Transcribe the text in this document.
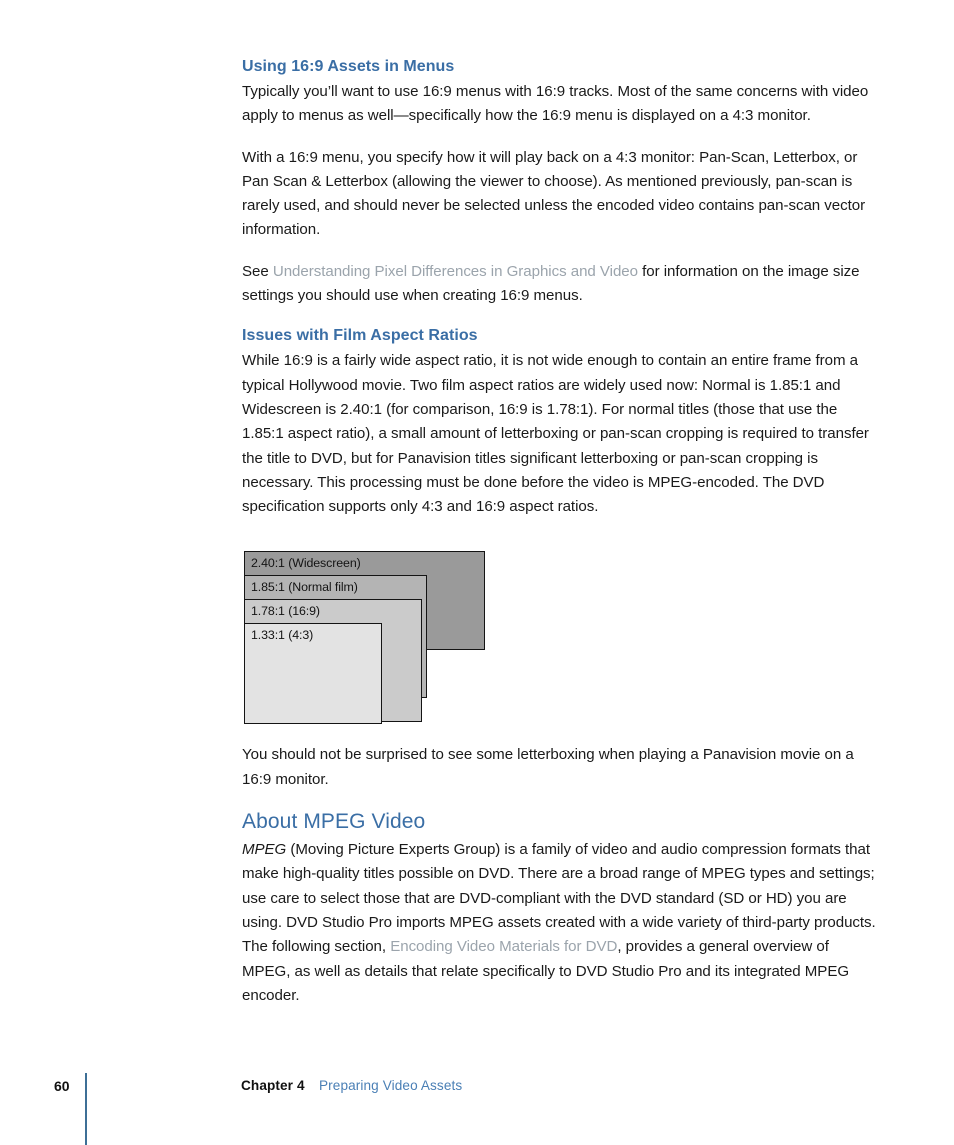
Using 16:9 Assets in Menus

Typically you’ll want to use 16:9 menus with 16:9 tracks. Most of the same concerns with video apply to menus as well—specifically how the 16:9 menu is displayed on a 4:3 monitor.

With a 16:9 menu, you specify how it will play back on a 4:3 monitor: Pan-Scan, Letterbox, or Pan Scan & Letterbox (allowing the viewer to choose). As mentioned previously, pan-scan is rarely used, and should never be selected unless the encoded video contains pan-scan vector information.

See Understanding Pixel Differences in Graphics and Video for information on the image size settings you should use when creating 16:9 menus.

Issues with Film Aspect Ratios

While 16:9 is a fairly wide aspect ratio, it is not wide enough to contain an entire frame from a typical Hollywood movie. Two film aspect ratios are widely used now: Normal is 1.85:1 and Widescreen is 2.40:1 (for comparison, 16:9 is 1.78:1). For normal titles (those that use the 1.85:1 aspect ratio), a small amount of letterboxing or pan-scan cropping is required to transfer the title to DVD, but for Panavision titles significant letterboxing or pan-scan cropping is necessary. This processing must be done before the video is MPEG-encoded. The DVD specification supports only 4:3 and 16:9 aspect ratios.

2.40:1 (Widescreen)
1.85:1 (Normal film)
1.78:1 (16:9)
1.33:1 (4:3)

You should not be surprised to see some letterboxing when playing a Panavision movie on a 16:9 monitor.

About MPEG Video

MPEG (Moving Picture Experts Group) is a family of video and audio compression formats that make high-quality titles possible on DVD. There are a broad range of MPEG types and settings; use care to select those that are DVD-compliant with the DVD standard (SD or HD) you are using. DVD Studio Pro imports MPEG assets created with a wide variety of third-party products. The following section, Encoding Video Materials for DVD, provides a general overview of MPEG, as well as details that relate specifically to DVD Studio Pro and its integrated MPEG encoder.

60	Chapter 4 Preparing Video Assets
